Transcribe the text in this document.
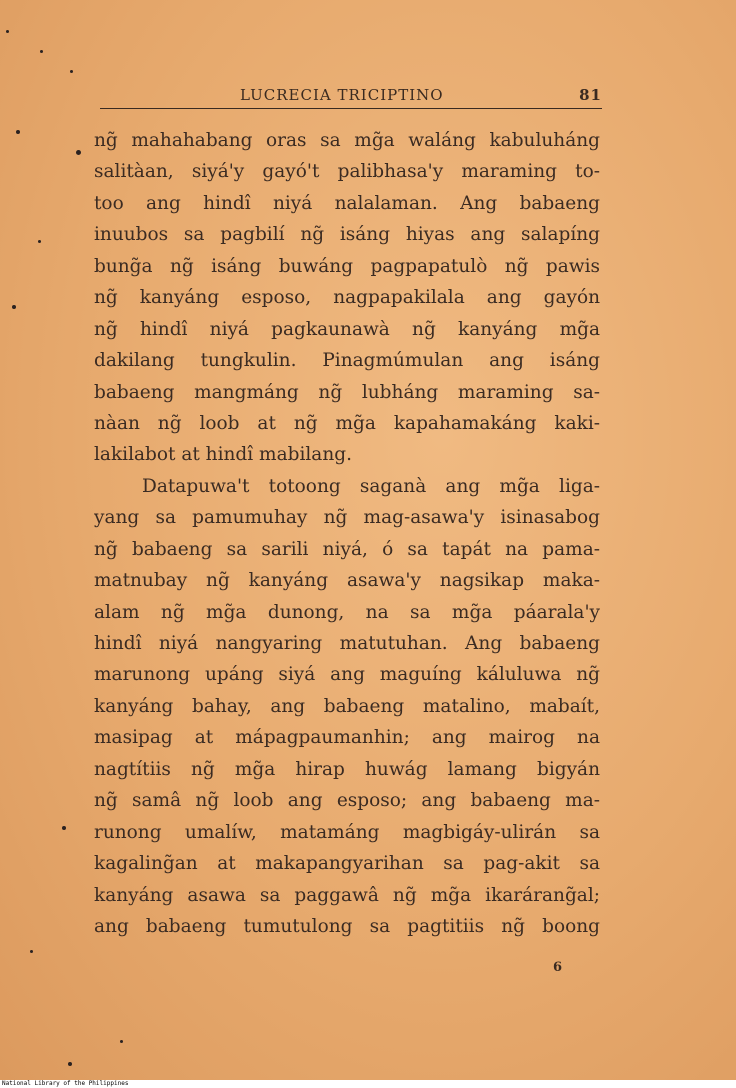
LUCRECIA TRICIPTINO	81
ng̃ mahahabang oras sa mg̃a waláng kabuluháng
salitàan, siyá'y gayó't palibhasa'y maraming to-
too ang hindî niyá nalalaman. Ang babaeng
inuubos sa pagbilí ng̃ isáng hiyas ang salapíng
bung̃a ng̃ isáng buwáng pagpapatulò ng̃ pawis
ng̃ kanyáng esposo, nagpapakilala ang gayón
ng̃ hindî niyá pagkaunawà ng̃ kanyáng mg̃a
dakilang tungkulin. Pinagmúmulan ang isáng
babaeng mangmáng ng̃ lubháng maraming sa-
nàan ng̃ loob at ng̃ mg̃a kapahamakáng kaki-
lakilabot at hindî mabilang.
Datapuwa't totoong saganà ang mg̃a liga-
yang sa pamumuhay ng̃ mag-asawa'y isinasabog
ng̃ babaeng sa sarili niyá, ó sa tapát na pama-
matnubay ng̃ kanyáng asawa'y nagsikap maka-
alam ng̃ mg̃a dunong, na sa mg̃a páarala'y
hindî niyá nangyaring matutuhan. Ang babaeng
marunong upáng siyá ang maguíng káluluwa ng̃
kanyáng bahay, ang babaeng matalino, mabaít,
masipag at mápagpaumanhin; ang mairog na
nagtítiis ng̃ mg̃a hirap huwág lamang bigyán
ng̃ samâ ng̃ loob ang esposo; ang babaeng ma-
runong umalíw, matamáng magbigáy-ulirán sa
kagaling̃an at makapangyarihan sa pag-akit sa
kanyáng asawa sa paggawâ ng̃ mg̃a ikarárang̃al;
ang babaeng tumutulong sa pagtitiis ng̃ boong
6
National Library of the Philippines
